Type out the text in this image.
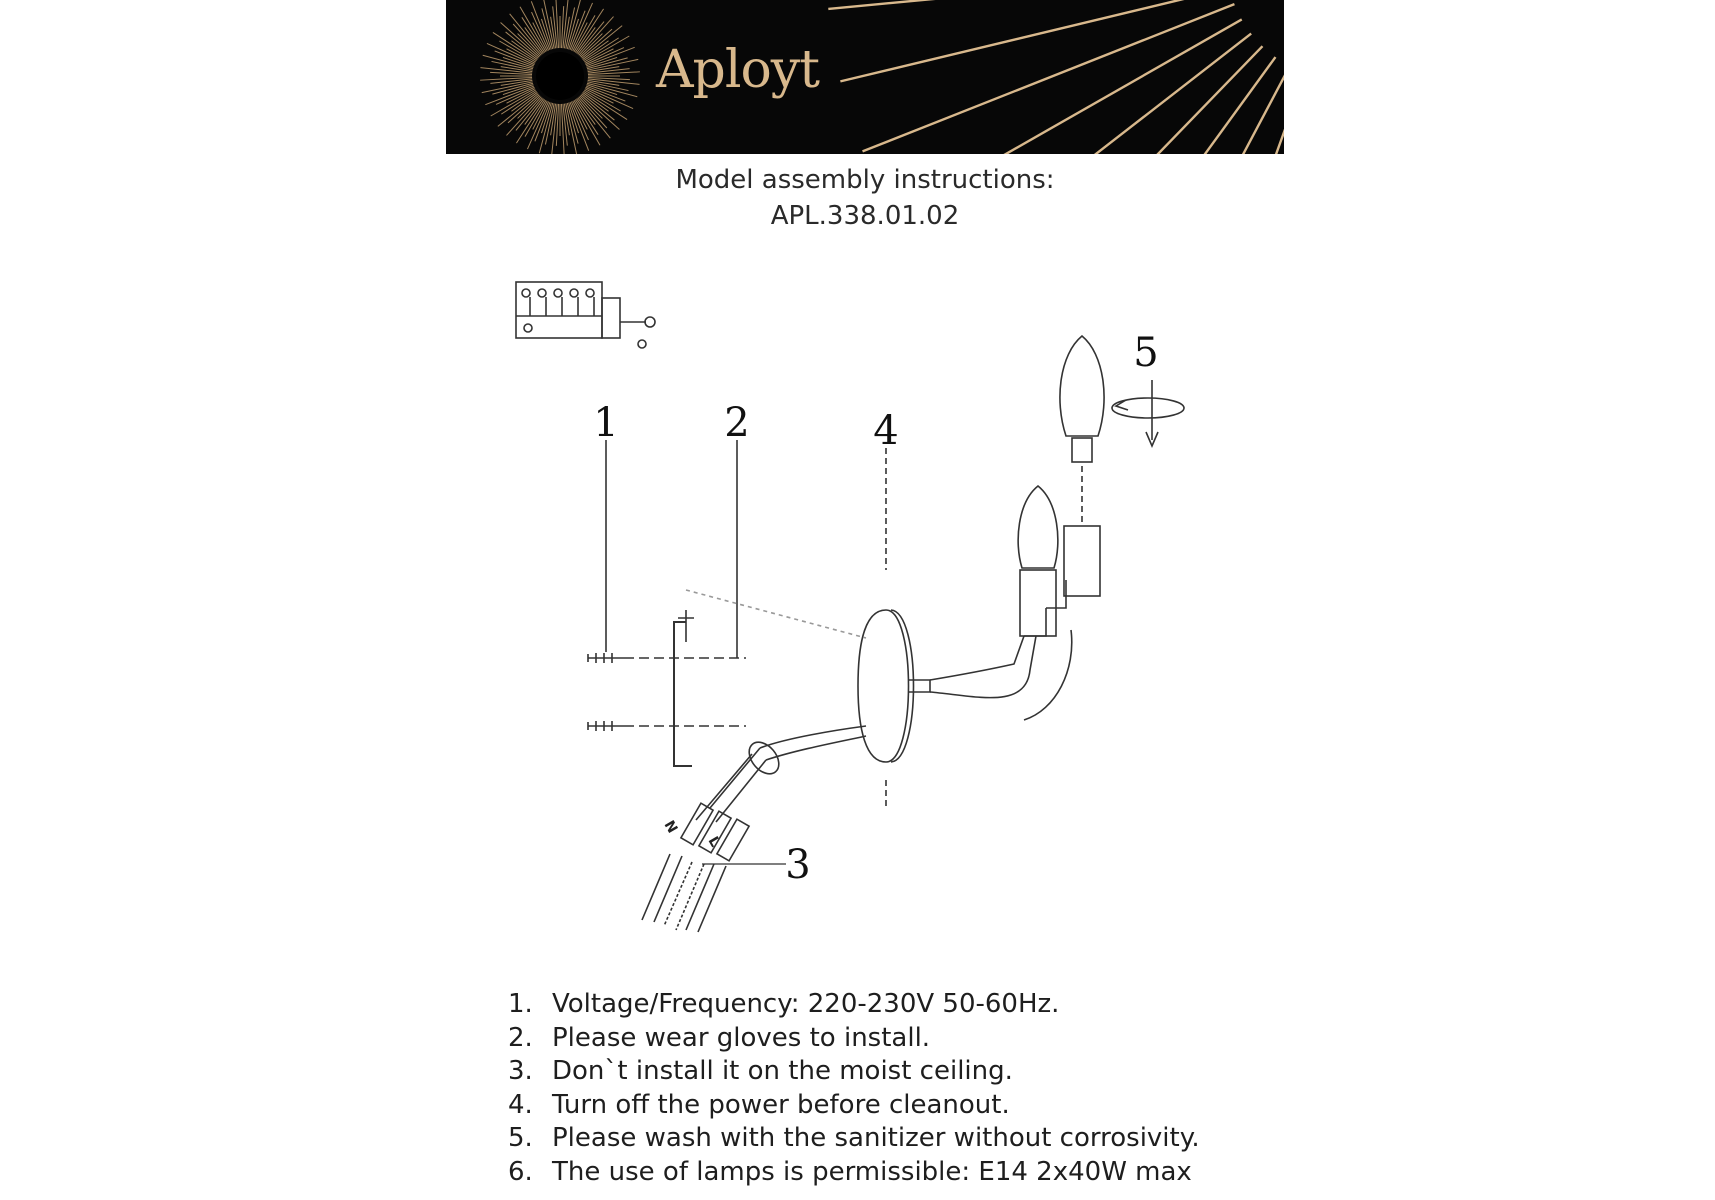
Aployt
Model assembly instructions:
APL.338.01.02
1	2
3
4
5
N
L
1. Voltage/Frequency: 220-230V 50-60Hz.
2. Please wear gloves to install.
3. Don`t install it on the moist ceiling.
4. Turn off the power before cleanout.
5. Please wash with the sanitizer without corrosivity.
6. The use of lamps is permissible: E14 2x40W max
